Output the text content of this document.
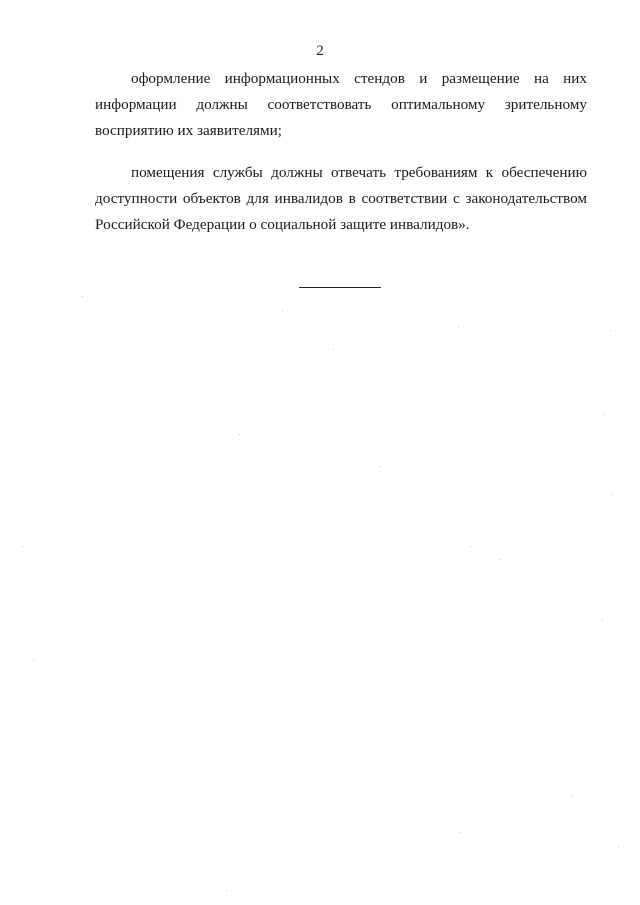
2

оформление информационных стендов и размещение на них информации должны соответствовать оптимальному зрительному восприятию их заявителями;

помещения службы должны отвечать требованиям к обеспечению доступности объектов для инвалидов в соответствии с законодательством Российской Федерации о социальной защите инвалидов».
